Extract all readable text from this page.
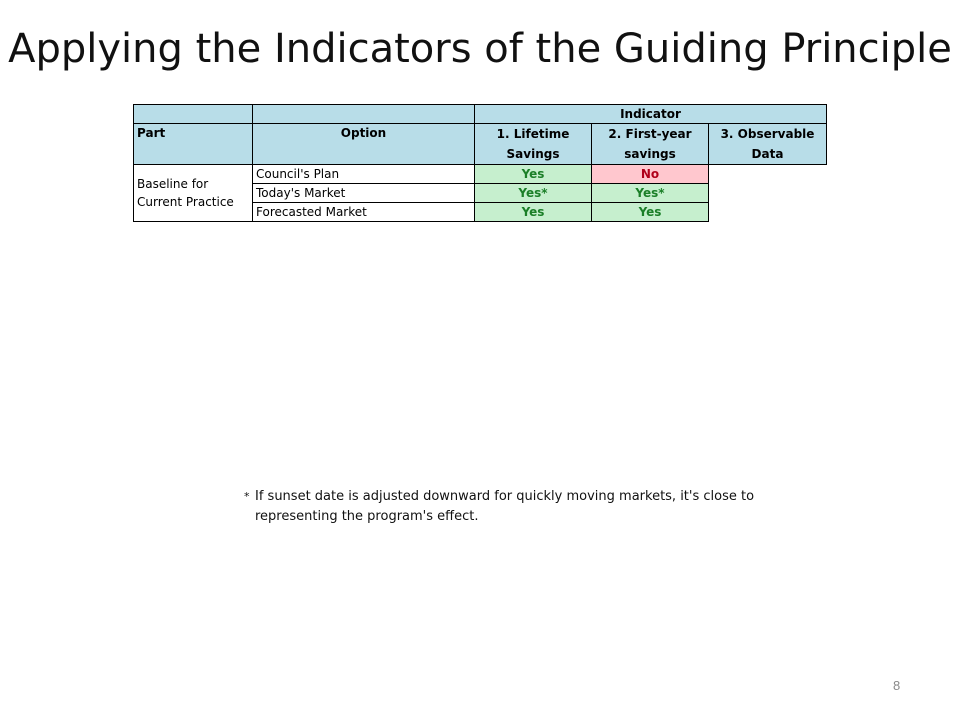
Applying the Indicators of the Guiding Principle
		Indicator		
Part	Option	1. Lifetime Savings	2. First-year savings	3. Observable Data

Baseline for Current Practice	Council's Plan	Yes	No	
	Today's Market	Yes*	Yes*	
	Forecasted Market	Yes	Yes	
* If sunset date is adjusted downward for quickly moving markets, it's close to representing the program's effect.
8
